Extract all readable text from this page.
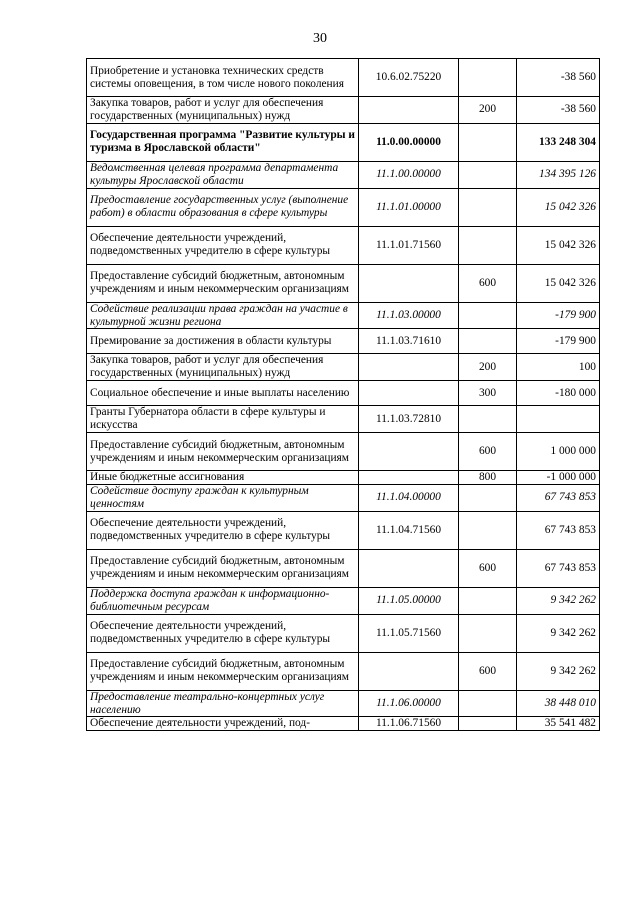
30
Приобретение и установка технических средств системы оповещения, в том числе нового поколения	10.6.02.75220		-38 560
Закупка товаров, работ и услуг для обеспечения государственных (муниципальных) нужд		200	-38 560
Государственная программа "Развитие культуры и туризма в Ярославской области"	11.0.00.00000		133 248 304
Ведомственная целевая программа департамента культуры Ярославской области	11.1.00.00000		134 395 126
Предоставление государственных услуг (выполнение работ) в области образования в сфере культуры	11.1.01.00000		15 042 326
Обеспечение деятельности учреждений, подведомственных учредителю в сфере культуры	11.1.01.71560		15 042 326
Предоставление субсидий бюджетным, автономным учреждениям и иным некоммерческим организациям		600	15 042 326
Содействие реализации права граждан на участие в культурной жизни региона	11.1.03.00000		-179 900
Премирование за достижения в области культуры	11.1.03.71610		-179 900
Закупка товаров, работ и услуг для обеспечения государственных (муниципальных) нужд		200	100
Социальное обеспечение и иные выплаты населению		300	-180 000
Гранты Губернатора области в сфере культуры и искусства	11.1.03.72810		
Предоставление субсидий бюджетным, автономным учреждениям и иным некоммерческим организациям		600	1 000 000
Иные бюджетные ассигнования		800	-1 000 000
Содействие доступу граждан к культурным ценностям	11.1.04.00000		67 743 853
Обеспечение деятельности учреждений, подведомственных учредителю в сфере культуры	11.1.04.71560		67 743 853
Предоставление субсидий бюджетным, автономным учреждениям и иным некоммерческим организациям		600	67 743 853
Поддержка доступа граждан к информационно-библиотечным ресурсам	11.1.05.00000		9 342 262
Обеспечение деятельности учреждений, подведомственных учредителю в сфере культуры	11.1.05.71560		9 342 262
Предоставление субсидий бюджетным, автономным учреждениям и иным некоммерческим организациям		600	9 342 262
Предоставление театрально-концертных услуг населению	11.1.06.00000		38 448 010
Обеспечение деятельности учреждений, под-	11.1.06.71560		35 541 482
